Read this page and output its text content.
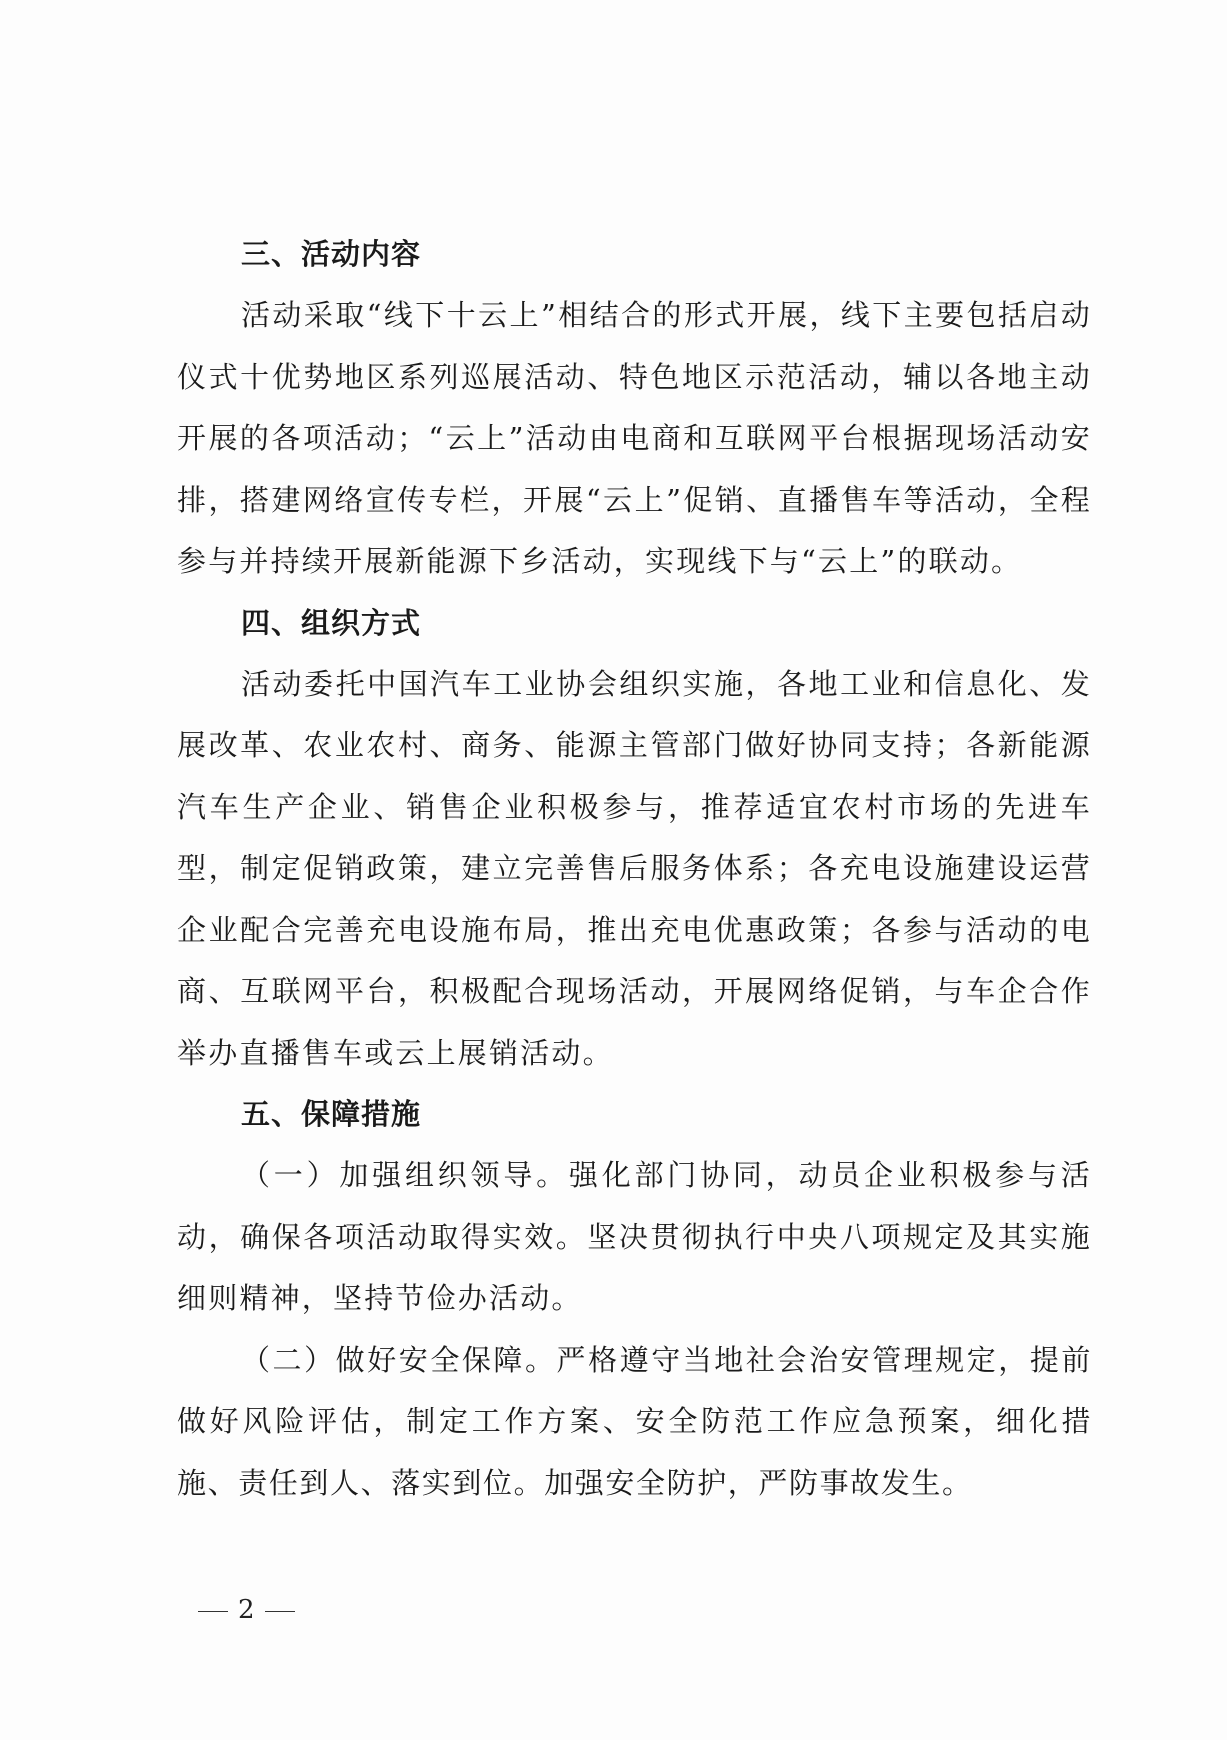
三、活动内容

活动采取“线下十云上”相结合的形式开展，线下主要包括启动仪式十优势地区系列巡展活动、特色地区示范活动，辅以各地主动开展的各项活动；“云上”活动由电商和互联网平台根据现场活动安排，搭建网络宣传专栏，开展“云上”促销、直播售车等活动，全程参与并持续开展新能源下乡活动，实现线下与“云上”的联动。

四、组织方式

活动委托中国汽车工业协会组织实施，各地工业和信息化、发展改革、农业农村、商务、能源主管部门做好协同支持；各新能源汽车生产企业、销售企业积极参与，推荐适宜农村市场的先进车型，制定促销政策，建立完善售后服务体系；各充电设施建设运营企业配合完善充电设施布局，推出充电优惠政策；各参与活动的电商、互联网平台，积极配合现场活动，开展网络促销，与车企合作举办直播售车或云上展销活动。

五、保障措施

（一）加强组织领导。强化部门协同，动员企业积极参与活动，确保各项活动取得实效。坚决贯彻执行中央八项规定及其实施细则精神，坚持节俭办活动。

（二）做好安全保障。严格遵守当地社会治安管理规定，提前做好风险评估，制定工作方案、安全防范工作应急预案，细化措施、责任到人、落实到位。加强安全防护，严防事故发生。

2
